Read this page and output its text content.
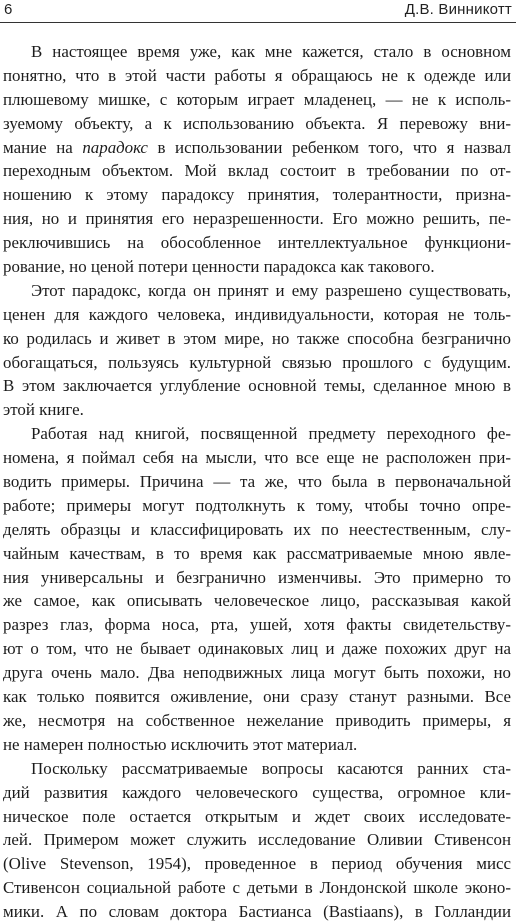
6	Д.В. Винникотт
В настоящее время уже, как мне кажется, стало в основном
понятно, что в этой части работы я обращаюсь не к одежде или
плюшевому мишке, с которым играет младенец, — не к исполь-
зуемому объекту, а к использованию объекта. Я перевожу вни-
мание на парадокс в использовании ребенком того, что я назвал
переходным объектом. Мой вклад состоит в требовании по от-
ношению к этому парадоксу принятия, толерантности, призна-
ния, но и принятия его неразрешенности. Его можно решить, пе-
реключившись на обособленное интеллектуальное функциони-
рование, но ценой потери ценности парадокса как такового.
Этот парадокс, когда он принят и ему разрешено существовать,
ценен для каждого человека, индивидуальности, которая не толь-
ко родилась и живет в этом мире, но также способна безгранично
обогащаться, пользуясь культурной связью прошлого с будущим.
В этом заключается углубление основной темы, сделанное мною в
этой книге.
Работая над книгой, посвященной предмету переходного фе-
номена, я поймал себя на мысли, что все еще не расположен при-
водить примеры. Причина — та же, что была в первоначальной
работе; примеры могут подтолкнуть к тому, чтобы точно опре-
делять образцы и классифицировать их по неестественным, слу-
чайным качествам, в то время как рассматриваемые мною явле-
ния универсальны и безгранично изменчивы. Это примерно то
же самое, как описывать человеческое лицо, рассказывая какой
разрез глаз, форма носа, рта, ушей, хотя факты свидетельству-
ют о том, что не бывает одинаковых лиц и даже похожих друг на
друга очень мало. Два неподвижных лица могут быть похожи, но
как только появится оживление, они сразу станут разными. Все
же, несмотря на собственное нежелание приводить примеры, я
не намерен полностью исключить этот материал.
Поскольку рассматриваемые вопросы касаются ранних ста-
дий развития каждого человеческого существа, огромное кли-
ническое поле остается открытым и ждет своих исследовате-
лей. Примером может служить исследование Оливии Стивенсон
(Olive Stevenson, 1954), проведенное в период обучения мисс
Стивенсон социальной работе с детьми в Лондонской школе эконо-
мики. А по словам доктора Бастианса (Bastiaans), в Голландии
